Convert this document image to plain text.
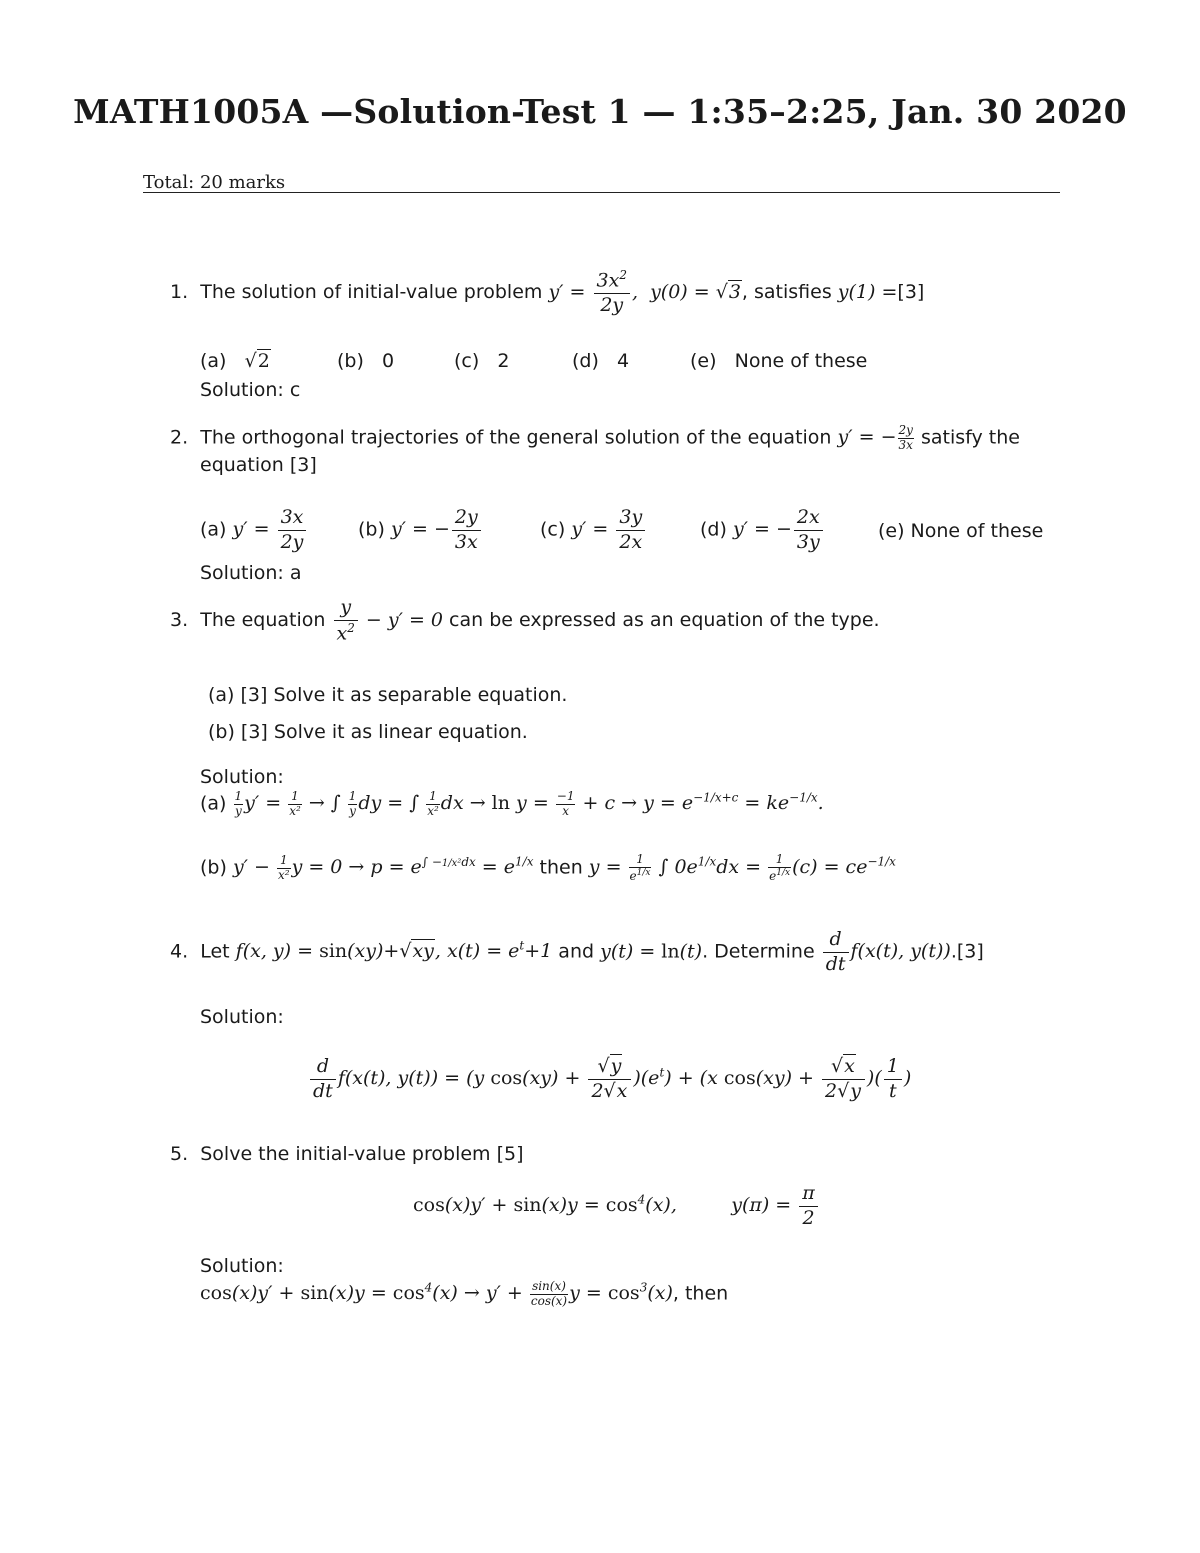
MATH1005A —Solution-Test 1 — 1:35–2:25, Jan. 30 2020
Total: 20 marks
1. The solution of initial-value problem $y' = \frac{3x^2}{2y}$ ,  y(0) = √3, satisfies y(1) =[3]
(a)   √2	(b) 0	(c) 2	(d) 4	(e) None of these
Solution: c
2. The orthogonal trajectories of the general solution of the equation y′ = − $\frac{2y}{3x}$ satisfy the
equation [3]
(a) $y' = \frac{3x}{2y}$	(b) y′ = − $\frac{2y}{3x}$	(c) $y' = \frac{3y}{2x}$	(d) y′ = − $\frac{2x}{3y}$	(e) None of these
Solution: a
3. The equation $\frac{y}{x^2} - y' = 0$ can be expressed as an equation of the type.
(a) [3] Solve it as separable equation.
(b) [3] Solve it as linear equation.
Solution:
$(a) \frac{1}{y} y' = \frac{1}{\text{x²}}$ → ∫ $\frac{1}{y}$ dy = ∫ $\frac{1}{\text{x²}}$ dx → $\ln y = \frac{-1}{x} + c \to y = e^{-1/x+c} = ke^{-1/x}$.
(b) $y' - \frac{1}{\text{x²}}$ $y = 0 \to p = e^{\int -1/x^2dx} = e^{1/x}$ then $y = \frac{1}{e^{1/x}}$ ∫ $0e^{1/x}dx = \frac{1}{e^{1/x}} (c) = ce^{-1/x}$
4. Let f(x, y) = sin(xy)+√xy, $x(t) = e^t+1$ and y(t) = ln(t). Determine $\frac{d}{dt} f(x(t)$, y(t)).[3]
Solution:
$\frac{d}{dt} f(x(t)$, y(t)) = (y $\cos(xy) + \frac{√y}{2√x} )(e^t) + (x$ $\cos(xy) + \frac{√x}{2√y}$ )( $\frac{1}{t}$ )
5. Solve the initial-value problem [5]
$\cos(x)y' + \sin(x)y = \cos^4(x)$,         $y(\pi) = \frac{\pi}{2}$
Solution:
$\cos(x)y' + \sin(x)y = \cos^4(x) \to y' + \frac{\sin(x)}{\cos(x)}$ $y = \cos^3(x)$, then
